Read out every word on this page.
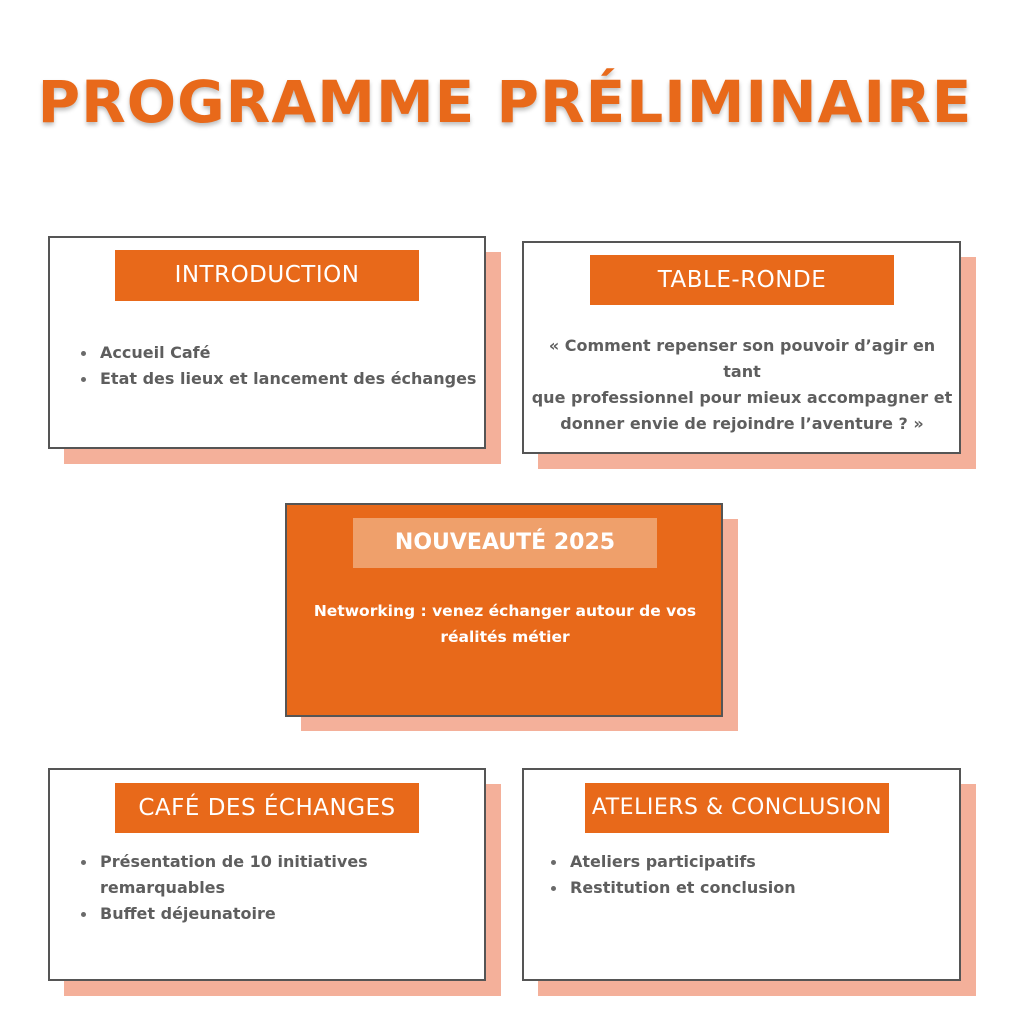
PROGRAMME PRÉLIMINAIRE
INTRODUCTION
Accueil Café
Etat des lieux et lancement des échanges
TABLE-RONDE

« Comment repenser son pouvoir d’agir en tant
que professionnel pour mieux accompagner et
donner envie de rejoindre l’aventure ? »

NOUVEAUTÉ 2025

Networking : venez échanger autour de vos
réalités métier

CAFÉ DES ÉCHANGES
Présentation de 10 initiatives remarquables
Buffet déjeunatoire
ATELIERS & CONCLUSION
Ateliers participatifs
Restitution et conclusion
